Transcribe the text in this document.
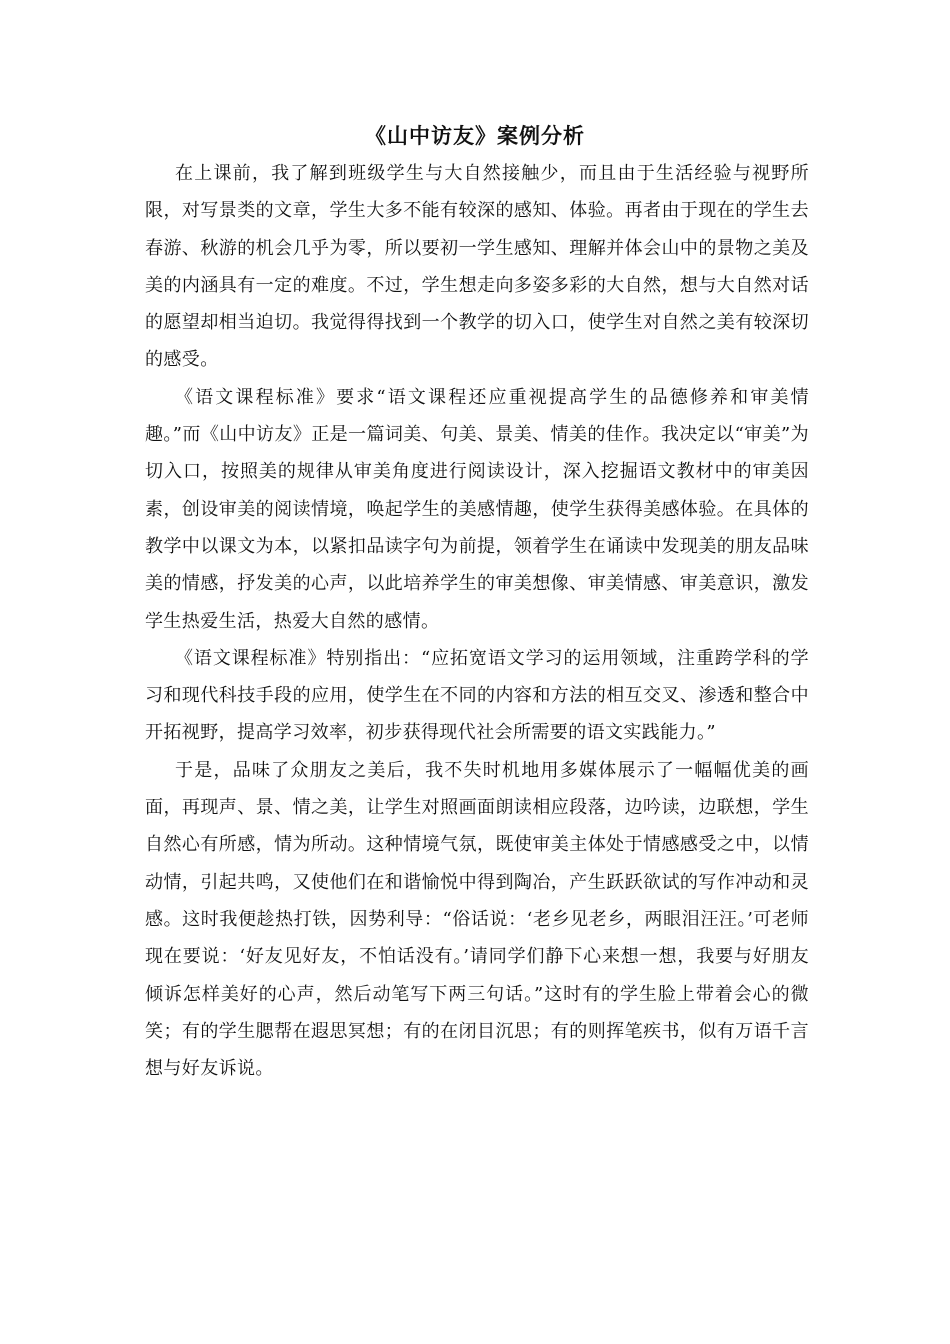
《山中访友》案例分析

在上课前，我了解到班级学生与大自然接触少，而且由于生活经验与视野所限，对写景类的文章，学生大多不能有较深的感知、体验。再者由于现在的学生去春游、秋游的机会几乎为零，所以要初一学生感知、理解并体会山中的景物之美及美的内涵具有一定的难度。不过，学生想走向多姿多彩的大自然，想与大自然对话的愿望却相当迫切。我觉得得找到一个教学的切入口，使学生对自然之美有较深切的感受。

《语文课程标准》要求“语文课程还应重视提高学生的品德修养和审美情趣。”而《山中访友》正是一篇词美、句美、景美、情美的佳作。我决定以“审美”为切入口，按照美的规律从审美角度进行阅读设计，深入挖掘语文教材中的审美因素，创设审美的阅读情境，唤起学生的美感情趣，使学生获得美感体验。在具体的教学中以课文为本，以紧扣品读字句为前提，领着学生在诵读中发现美的朋友品味美的情感，抒发美的心声，以此培养学生的审美想像、审美情感、审美意识，激发学生热爱生活，热爱大自然的感情。

《语文课程标准》特别指出：“应拓宽语文学习的运用领域，注重跨学科的学习和现代科技手段的应用，使学生在不同的内容和方法的相互交叉、渗透和整合中开拓视野，提高学习效率，初步获得现代社会所需要的语文实践能力。”

于是，品味了众朋友之美后，我不失时机地用多媒体展示了一幅幅优美的画面，再现声、景、情之美，让学生对照画面朗读相应段落，边吟读，边联想，学生自然心有所感，情为所动。这种情境气氛，既使审美主体处于情感感受之中，以情动情，引起共鸣，又使他们在和谐愉悦中得到陶冶，产生跃跃欲试的写作冲动和灵感。这时我便趁热打铁，因势利导：“俗话说：‘老乡见老乡，两眼泪汪汪。’可老师现在要说：‘好友见好友，不怕话没有。’请同学们静下心来想一想，我要与好朋友倾诉怎样美好的心声，然后动笔写下两三句话。”这时有的学生脸上带着会心的微笑；有的学生腮帮在遐思冥想；有的在闭目沉思；有的则挥笔疾书，似有万语千言想与好友诉说。
